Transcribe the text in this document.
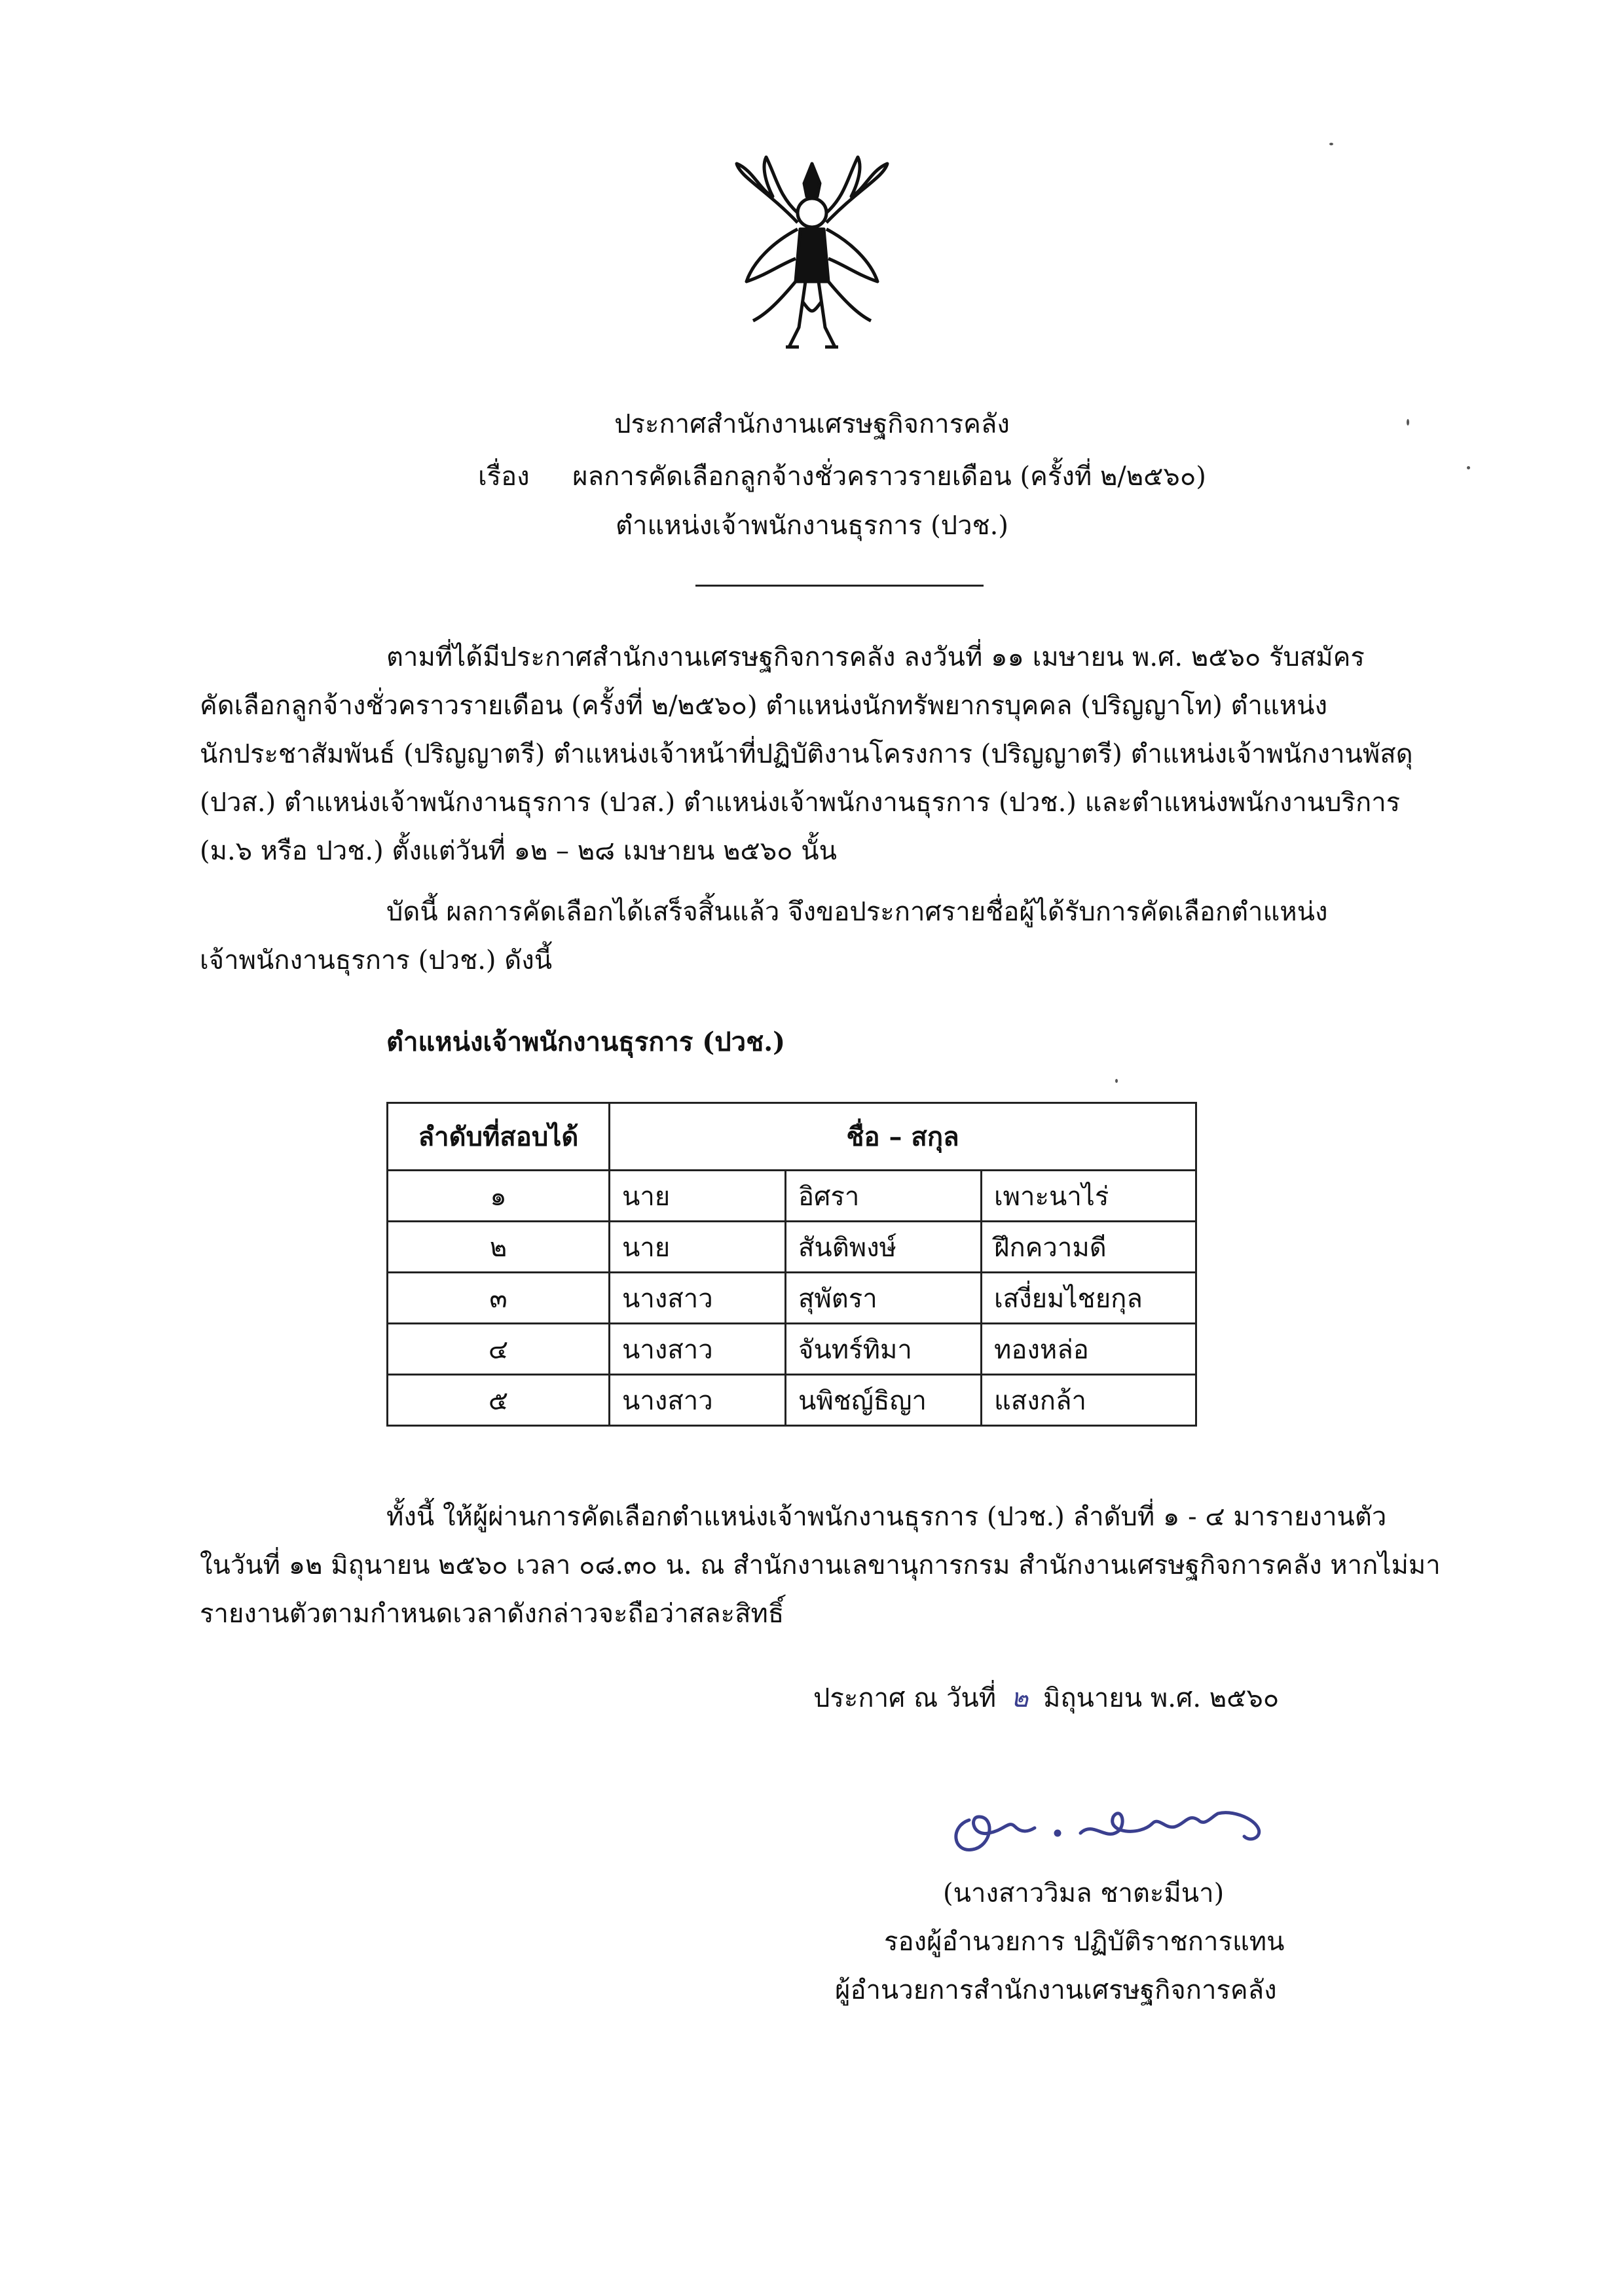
ประกาศสำนักงานเศรษฐกิจการคลัง
เรื่อง ผลการคัดเลือกลูกจ้างชั่วคราวรายเดือน (ครั้งที่ ๒/๒๕๖๐)
ตำแหน่งเจ้าพนักงานธุรการ (ปวช.)
ตามที่ได้มีประกาศสำนักงานเศรษฐกิจการคลัง ลงวันที่ ๑๑ เมษายน พ.ศ. ๒๕๖๐ รับสมัคร
คัดเลือกลูกจ้างชั่วคราวรายเดือน (ครั้งที่ ๒/๒๕๖๐) ตำแหน่งนักทรัพยากรบุคคล (ปริญญาโท) ตำแหน่ง
นักประชาสัมพันธ์ (ปริญญาตรี) ตำแหน่งเจ้าหน้าที่ปฏิบัติงานโครงการ (ปริญญาตรี) ตำแหน่งเจ้าพนักงานพัสดุ
(ปวส.) ตำแหน่งเจ้าพนักงานธุรการ (ปวส.) ตำแหน่งเจ้าพนักงานธุรการ (ปวช.) และตำแหน่งพนักงานบริการ
(ม.๖ หรือ ปวช.) ตั้งแต่วันที่ ๑๒ – ๒๘ เมษายน ๒๕๖๐ นั้น
บัดนี้ ผลการคัดเลือกได้เสร็จสิ้นแล้ว จึงขอประกาศรายชื่อผู้ได้รับการคัดเลือกตำแหน่ง
เจ้าพนักงานธุรการ (ปวช.) ดังนี้
ตำแหน่งเจ้าพนักงานธุรการ (ปวช.)
ลำดับที่สอบได้	ชื่อ – สกุล		
๑	นาย	อิศรา	เพาะนาไร่
๒	นาย	สันติพงษ์	ฝึกความดี
๓	นางสาว	สุพัตรา	เสงี่ยมไชยกุล
๔	นางสาว	จันทร์ทิมา	ทองหล่อ
๕	นางสาว	นพิชญ์ธิญา	แสงกล้า
ทั้งนี้ ให้ผู้ผ่านการคัดเลือกตำแหน่งเจ้าพนักงานธุรการ (ปวช.) ลำดับที่ ๑ - ๔ มารายงานตัว
ในวันที่ ๑๒ มิถุนายน ๒๕๖๐ เวลา ๐๘.๓๐ น. ณ สำนักงานเลขานุการกรม สำนักงานเศรษฐกิจการคลัง หากไม่มา
รายงานตัวตามกำหนดเวลาดังกล่าวจะถือว่าสละสิทธิ์
ประกาศ ณ วันที่ ๒ มิถุนายน พ.ศ. ๒๕๖๐
(นางสาววิมล ชาตะมีนา)
รองผู้อำนวยการ ปฏิบัติราชการแทน
ผู้อำนวยการสำนักงานเศรษฐกิจการคลัง
